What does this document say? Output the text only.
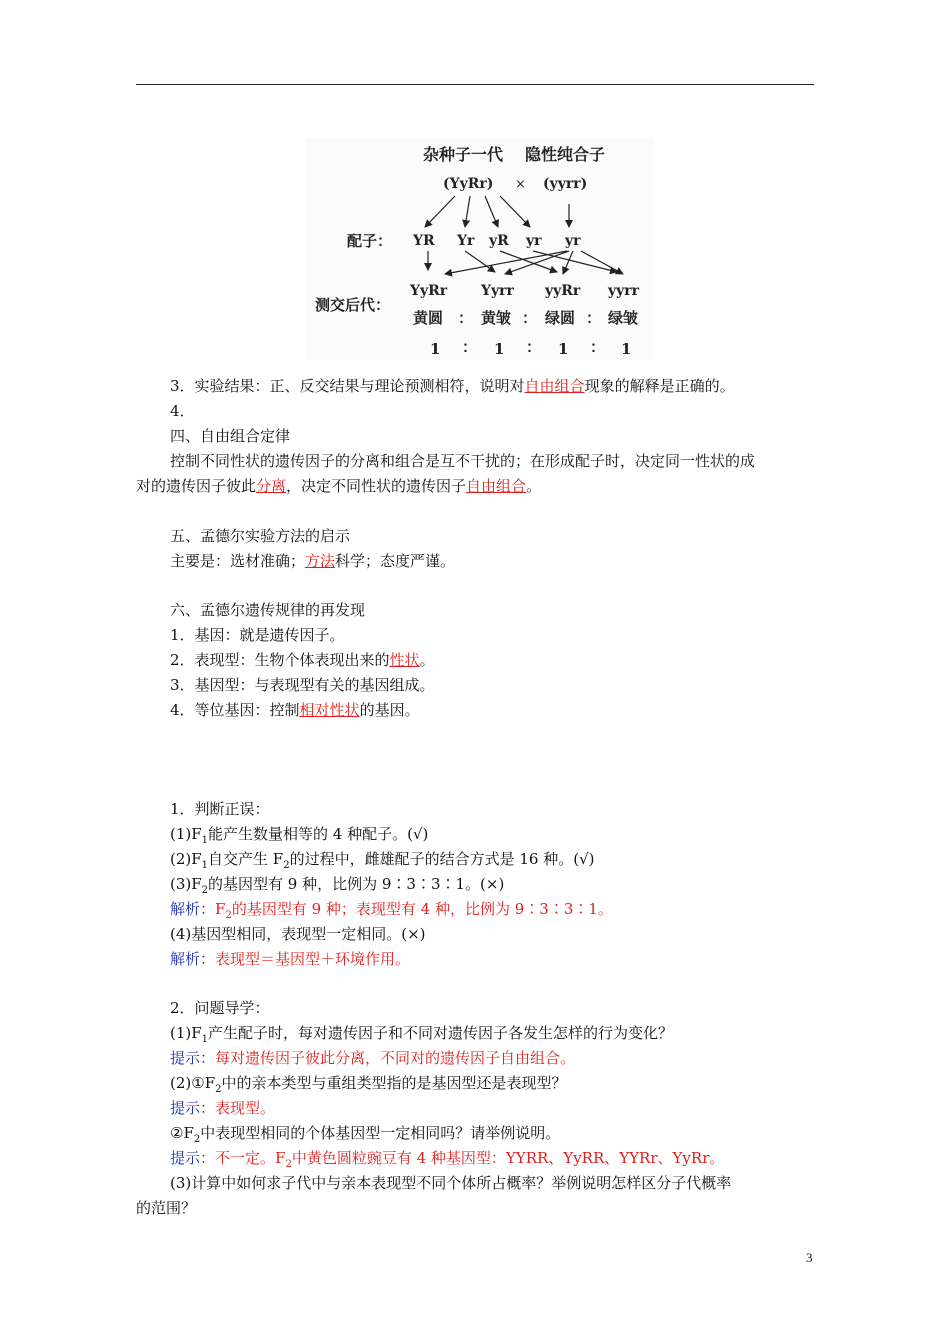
杂种子一代 隐性纯合子
(YyRr) × (yyrr)
配子： YR Yr yR yr yr
测交后代：
YyRr Yyrr yyRr yyrr
黄圆 ： 黄皱 ： 绿圆 ： 绿皱
1 ： 1 ： 1 ： 1
3．实验结果：正、反交结果与理论预测相符，说明对自由组合现象的解释是正确的。
4．
四、自由组合定律
控制不同性状的遗传因子的分离和组合是互不干扰的；在形成配子时，决定同一性状的成
对的遗传因子彼此分离，决定不同性状的遗传因子自由组合。
五、孟德尔实验方法的启示
主要是：选材准确；方法科学；态度严谨。
六、孟德尔遗传规律的再发现
1．基因：就是遗传因子。
2．表现型：生物个体表现出来的性状。
3．基因型：与表现型有关的基因组成。
4．等位基因：控制相对性状的基因。
1．判断正误：
$(1)F_1$能产生数量相等的 4 种配子。(√)
$(2)F_1$自交产生 $F_2$的过程中，雌雄配子的结合方式是 16 种。(√)
$(3)F_2$的基因型有 9 种，比例为 9∶3∶3∶1。(×)
解析：$F_2$的基因型有 9 种；表现型有 4 种，比例为 9∶3∶3∶1。
(4)基因型相同，表现型一定相同。(×)
解析：表现型＝基因型＋环境作用。
2．问题导学：
$(1)F_1$产生配子时，每对遗传因子和不同对遗传因子各发生怎样的行为变化？
提示：每对遗传因子彼此分离，不同对的遗传因子自由组合。
$(2)①F_2$中的亲本类型与重组类型指的是基因型还是表现型？
提示：表现型。
$②F_2$中表现型相同的个体基因型一定相同吗？请举例说明。
提示：不一定。$F_2$中黄色圆粒豌豆有 4 种基因型：YYRR、YyRR、YYRr、YyRr。
(3)计算中如何求子代中与亲本表现型不同个体所占概率？举例说明怎样区分子代概率
的范围？
3
